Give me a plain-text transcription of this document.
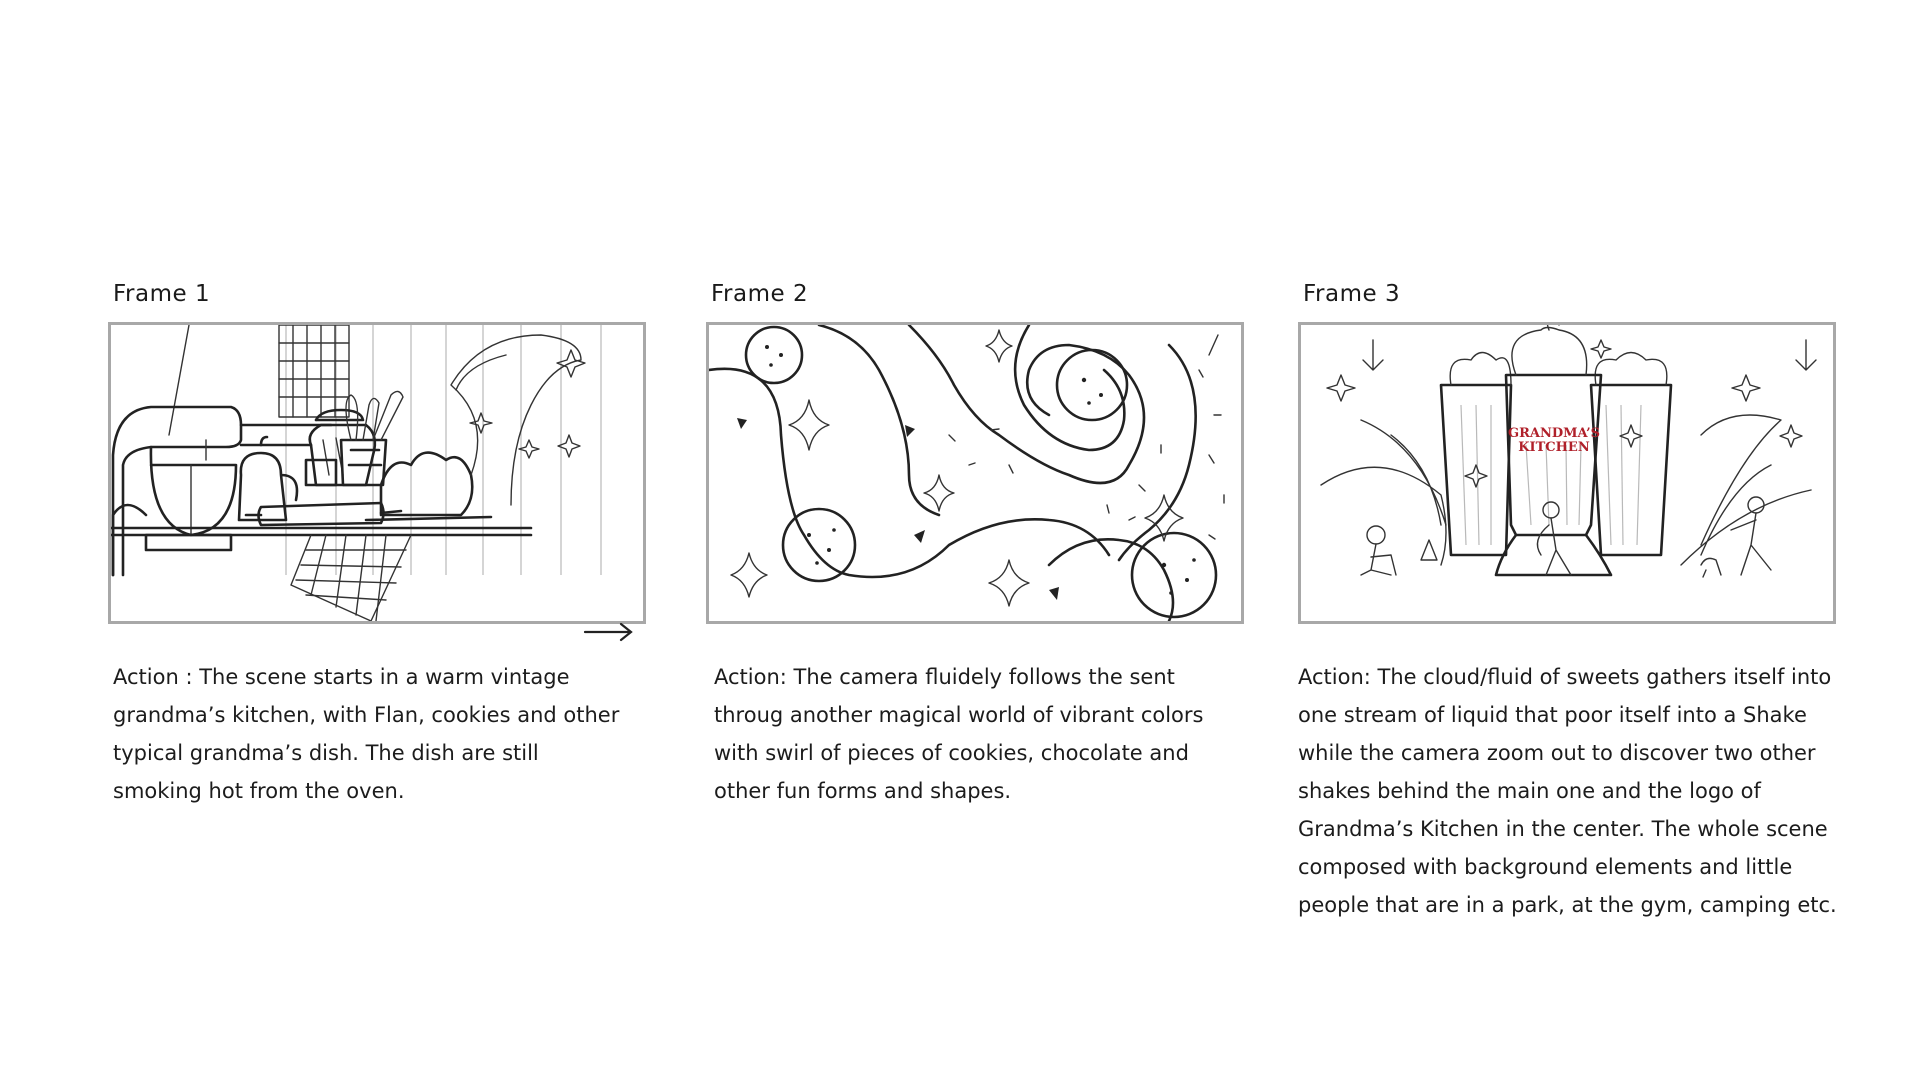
Frame 1
Action : The scene starts in a warm vintage grandma’s kitchen, with Flan, cookies and other typical grandma’s dish. The dish are still smoking hot from the oven.
Frame 2
Action: The camera fluidely follows the sent throug another magical world of vibrant colors with swirl of pieces of cookies, chocolate and other fun forms and shapes.
Frame 3
GRANDMA’S
KITCHEN
Action: The cloud/fluid of sweets gathers itself into one stream of liquid that poor itself into a Shake while the camera zoom out to discover two other shakes behind the main one and the logo of Grandma’s Kitchen in the center. The whole scene composed with background elements and little people that are in a park, at the gym, camping etc.
